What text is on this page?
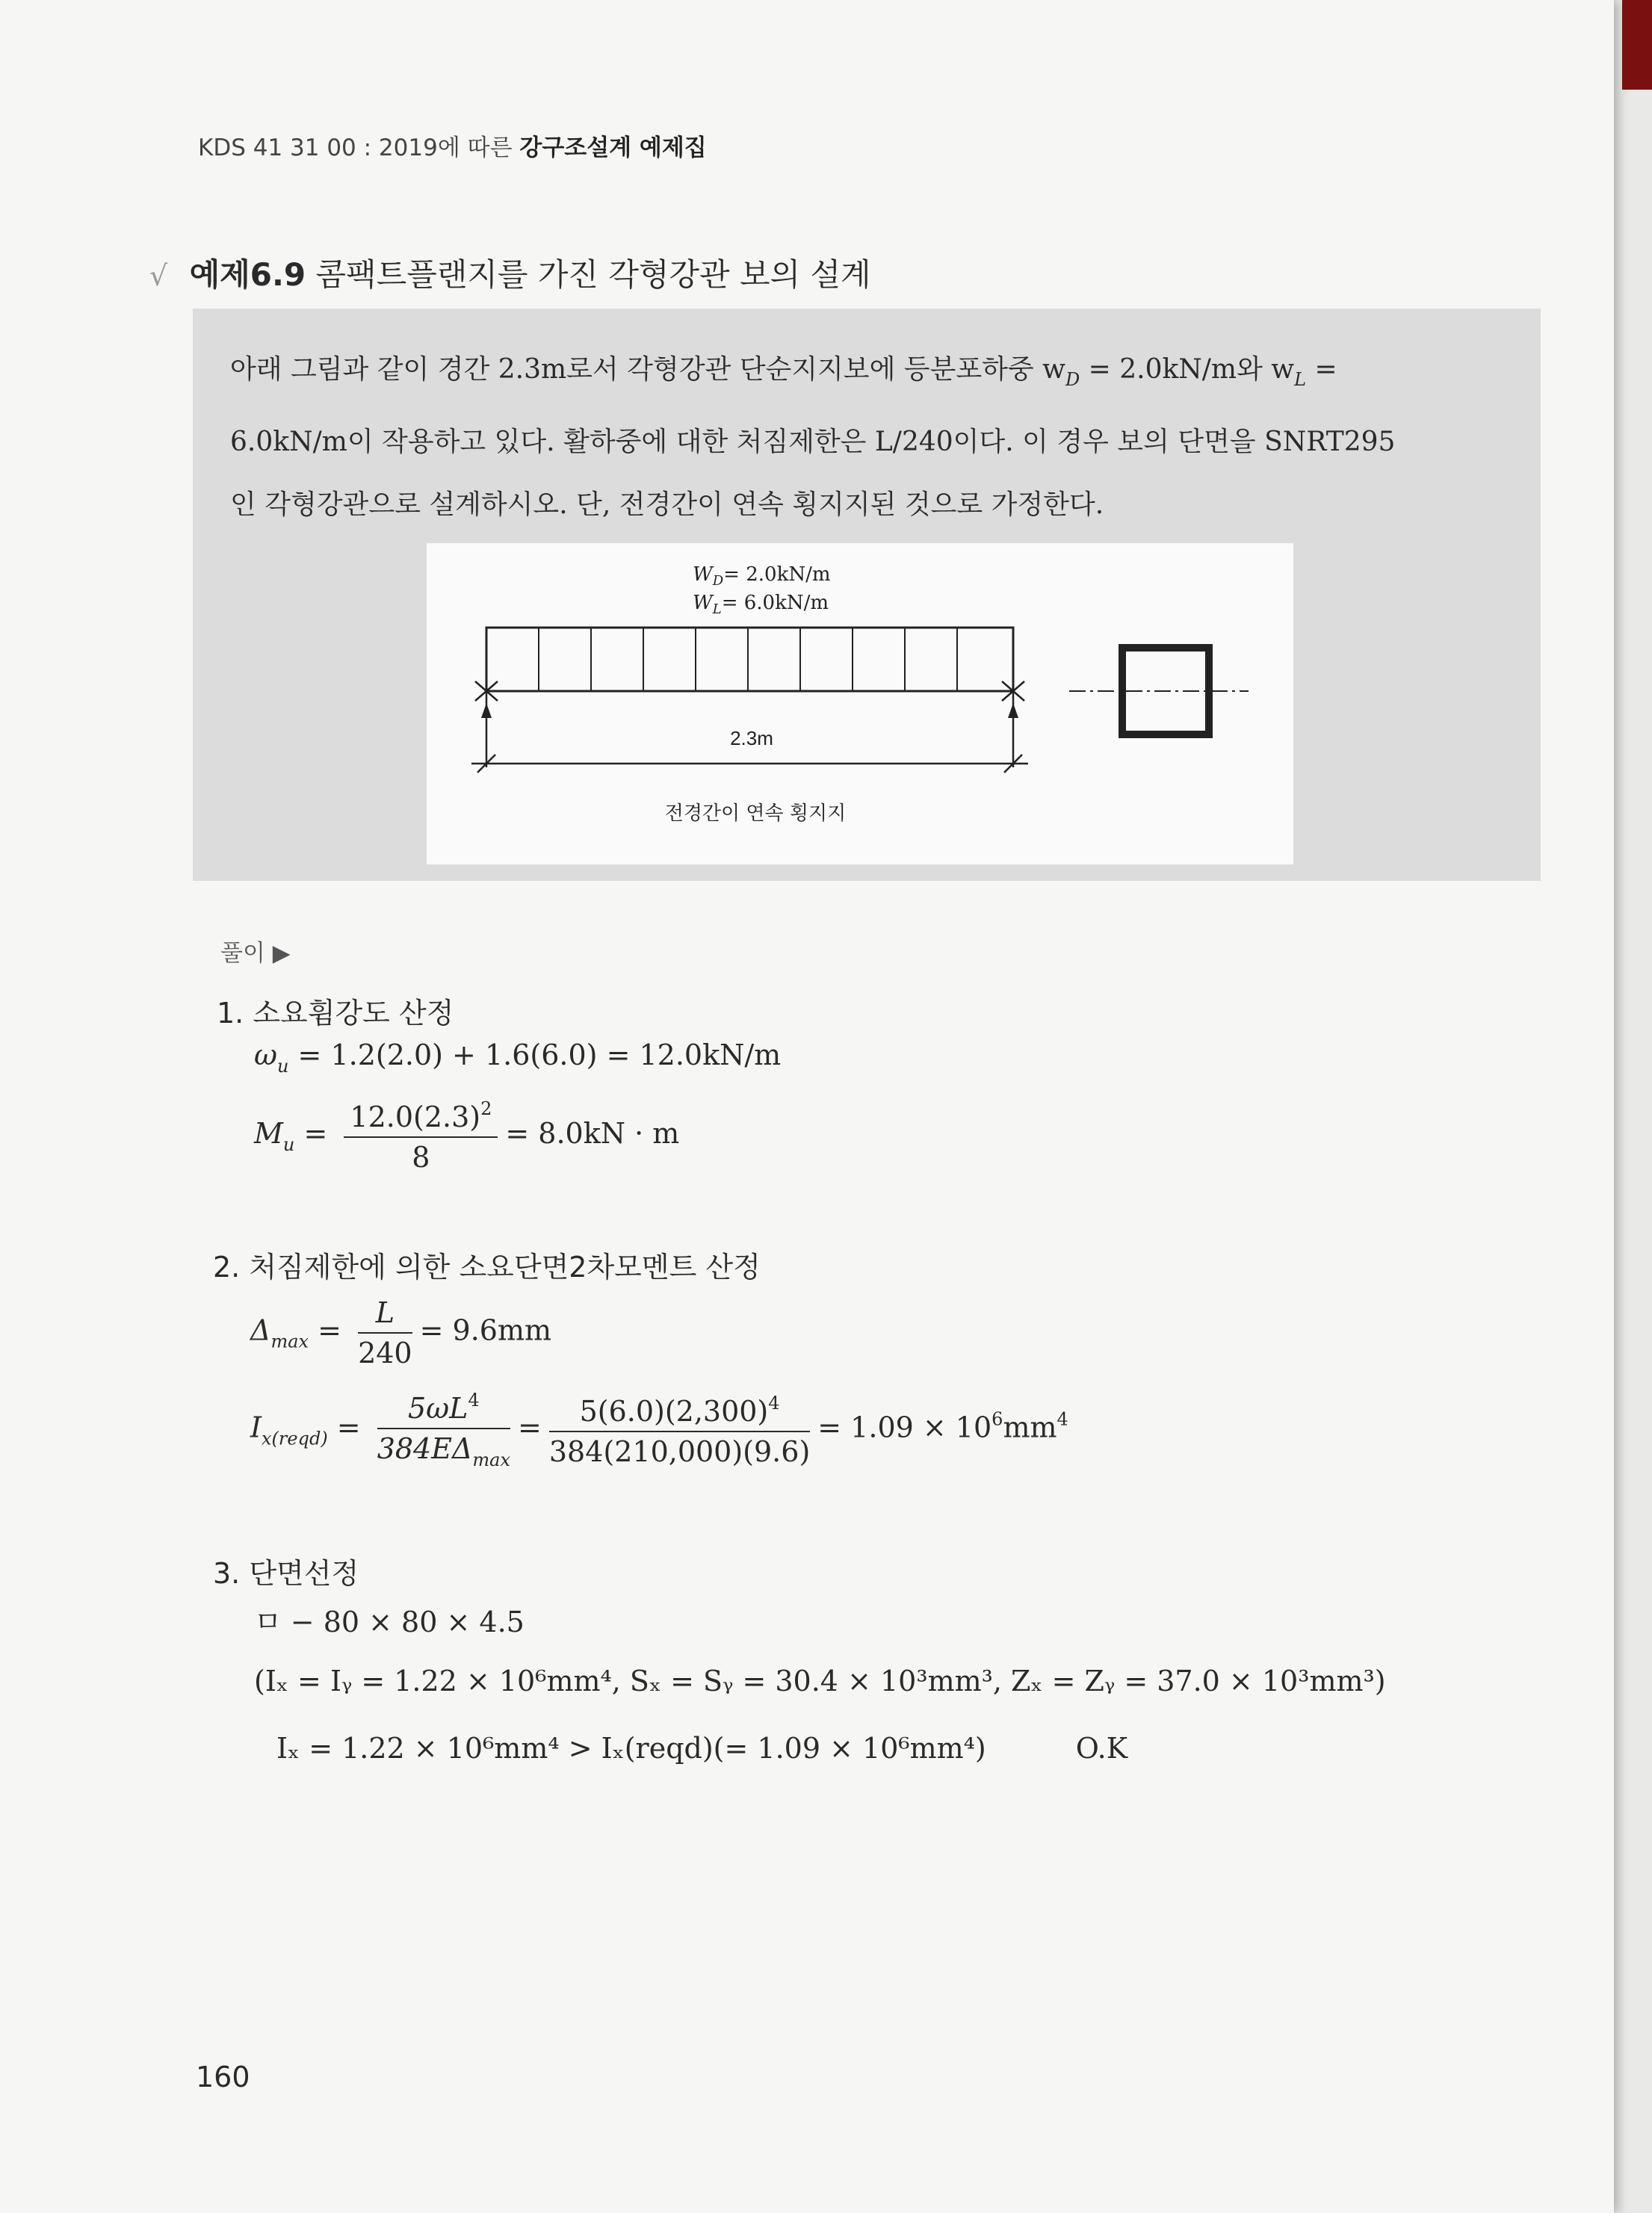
KDS 41 31 00 : 2019에 따른 강구조설계 예제집
√ 예제6.9 콤팩트플랜지를 가진 각형강관 보의 설계
아래 그림과 같이 경간 2.3m로서 각형강관 단순지지보에 등분포하중 $w_D = 2.0kN/m$와 $w_L$ =
6.0kN/m이 작용하고 있다. 활하중에 대한 처짐제한은 L/240이다. 이 경우 보의 단면을 SNRT295
인 각형강관으로 설계하시오. 단, 전경간이 연속 횡지지된 것으로 가정한다.
$W_D= 2.0kN/m$
$W_L= 6.0kN/m$
2.3m
전경간이 연속 횡지지
풀이 ▶
1. 소요휨강도 산정
$\omega_u = 1.2(2.0) + 1.6(6.0) = 12.0kN/m$
$M_u = \frac{12.0(2.3)^2}{8} = 8.0kN \cdot m$
2. 처짐제한에 의한 소요단면2차모멘트 산정
$\Delta_{max} = \frac{L}{240} = 9.6mm$
$I_{x(reqd)} = \frac{5\omega L^4}{384E\Delta_{max}} = \frac{5(6.0)(2,300)^4}{384(210,000)(9.6)} = 1.09 \times 10^6mm^4$
3. 단면선정
ㅁ − 80 × 80 × 4.5
(Iₓ = Iᵧ = 1.22 × 10⁶mm⁴, Sₓ = Sᵧ = 30.4 × 10³mm³, Zₓ = Zᵧ = 37.0 × 10³mm³)
Iₓ = 1.22 × 10⁶mm⁴ > Iₓ(reqd)(= 1.09 × 10⁶mm⁴)	O.K
160
